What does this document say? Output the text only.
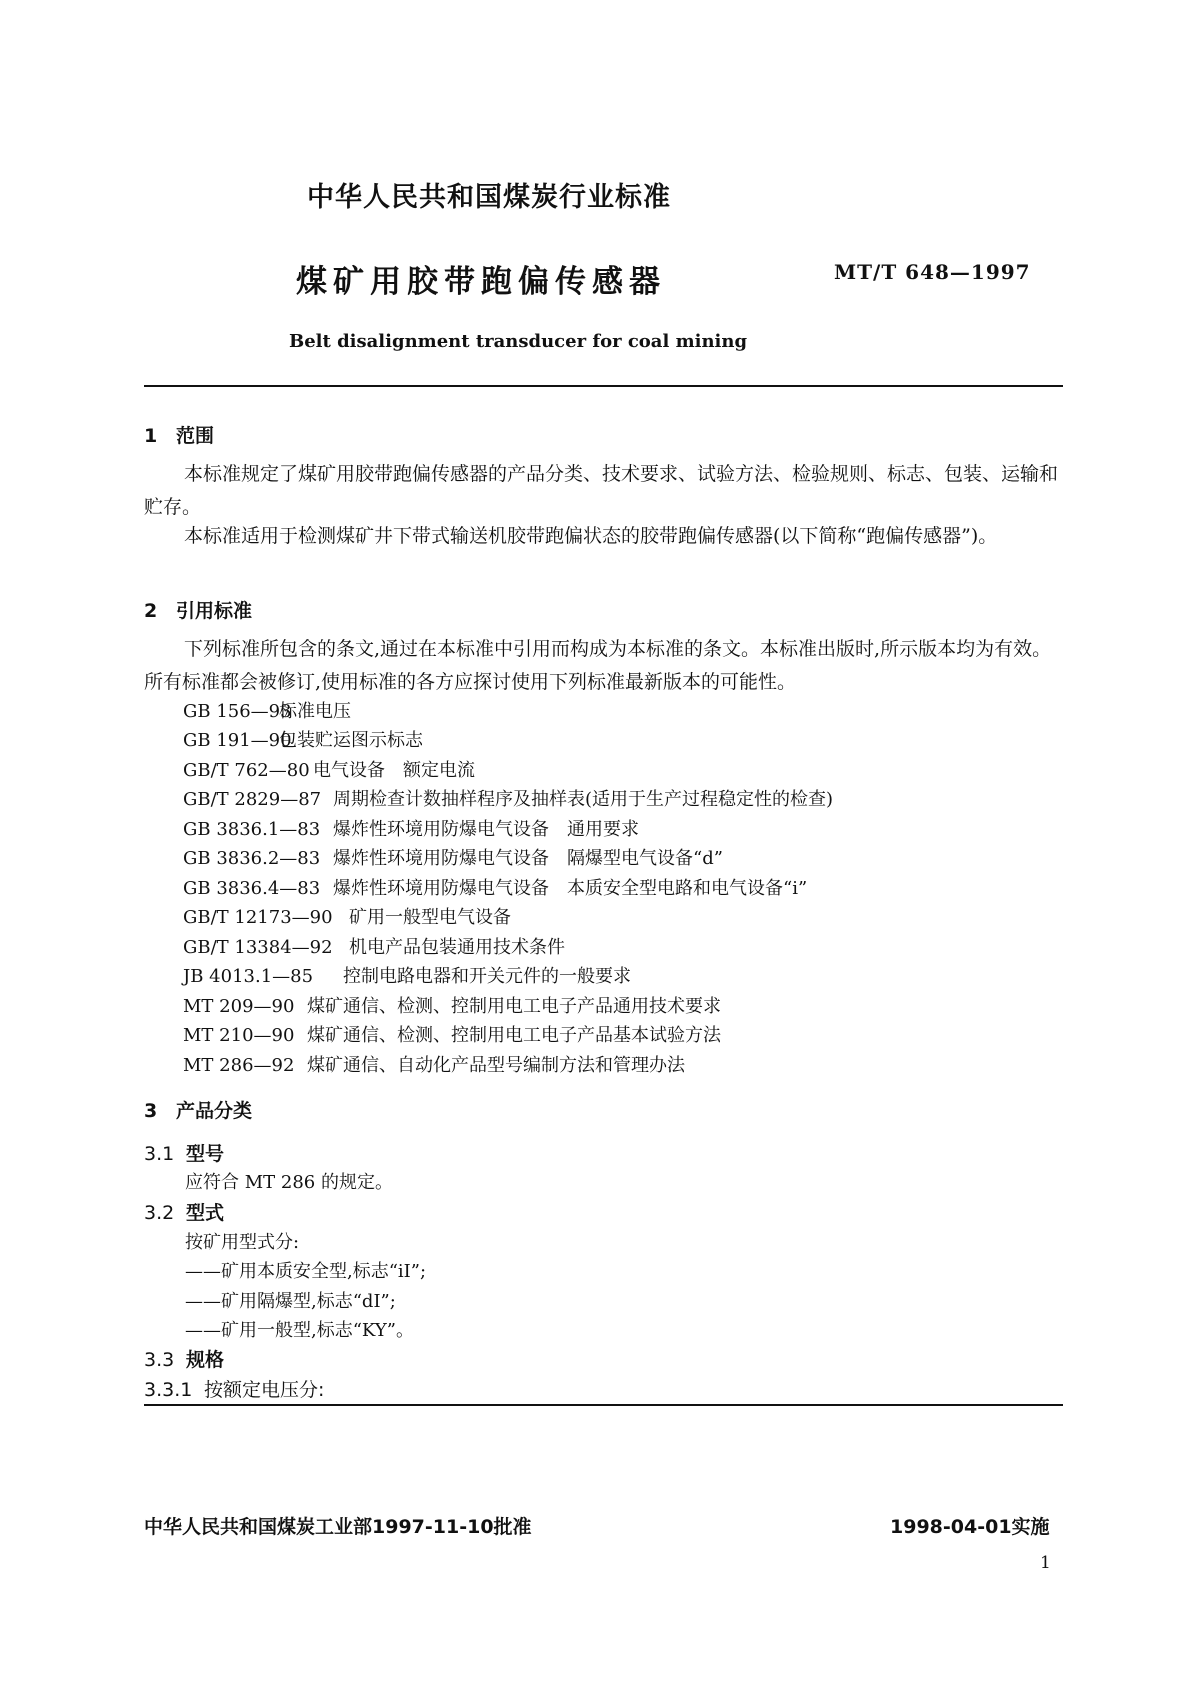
中华人民共和国煤炭行业标准
煤矿用胶带跑偏传感器	MT/T 648—1997
Belt disalignment transducer for coal mining
1 范围
本标准规定了煤矿用胶带跑偏传感器的产品分类、技术要求、试验方法、检验规则、标志、包装、运输和贮存。
本标准适用于检测煤矿井下带式输送机胶带跑偏状态的胶带跑偏传感器(以下简称“跑偏传感器”)。
2 引用标准
下列标准所包含的条文,通过在本标准中引用而构成为本标准的条文。本标准出版时,所示版本均为有效。所有标准都会被修订,使用标准的各方应探讨使用下列标准最新版本的可能性。
GB 156—93标准电压
GB 191—90包装贮运图示标志
GB/T 762—80 电气设备　额定电流
GB/T 2829—87 周期检查计数抽样程序及抽样表(适用于生产过程稳定性的检查)
GB 3836.1—83 爆炸性环境用防爆电气设备　通用要求
GB 3836.2—83 爆炸性环境用防爆电气设备　隔爆型电气设备“d”
GB 3836.4—83 爆炸性环境用防爆电气设备　本质安全型电路和电气设备“i”
GB/T 12173—90 矿用一般型电气设备
GB/T 13384—92 机电产品包装通用技术条件
JB 4013.1—85 控制电路电器和开关元件的一般要求
MT 209—90 煤矿通信、检测、控制用电工电子产品通用技术要求
MT 210—90 煤矿通信、检测、控制用电工电子产品基本试验方法
MT 286—92 煤矿通信、自动化产品型号编制方法和管理办法
3 产品分类
3.1 型号
应符合 MT 286 的规定。
3.2 型式
按矿用型式分:
——矿用本质安全型,标志“iI”;
——矿用隔爆型,标志“dI”;
——矿用一般型,标志“KY”。
3.3 规格
3.3.1 按额定电压分:
中华人民共和国煤炭工业部1997-11-10批准	1998-04-01实施
1
